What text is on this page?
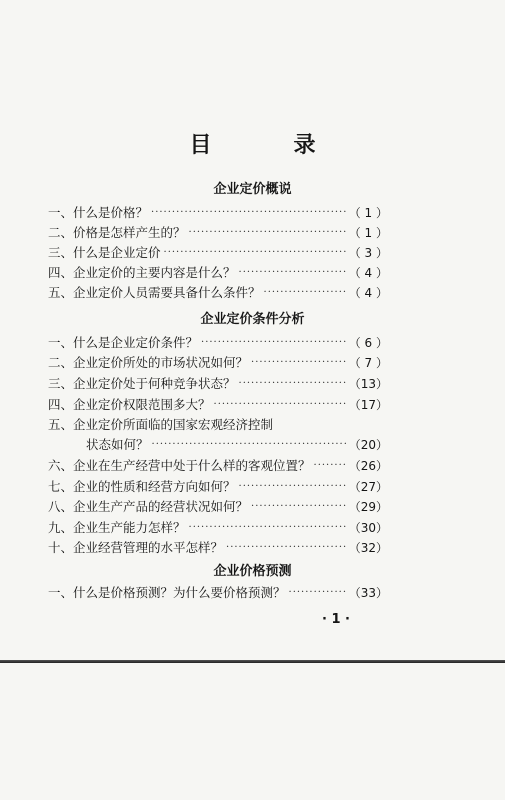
目　录
企业定价概说
一、什么是价格？ ·····	（ 1 ）
二、价格是怎样产生的？ ·····	（ 1 ）
三、什么是企业定价 ·····	（ 3 ）
四、企业定价的主要内容是什么？ ·····	（ 4 ）
五、企业定价人员需要具备什么条件？ ·····	（ 4 ）
企业定价条件分析
一、什么是企业定价条件？ ·····	（ 6 ）
二、企业定价所处的市场状况如何？ ·····	（ 7 ）
三、企业定价处于何种竞争状态？ ·····	（13）
四、企业定价权限范围多大？ ·····	（17）
五、企业定价所面临的国家宏观经济控制
状态如何？ ·····	（20）
六、企业在生产经营中处于什么样的客观位置？ ·····	（26）
七、企业的性质和经营方向如何？ ·····	（27）
八、企业生产产品的经营状况如何？ ·····	（29）
九、企业生产能力怎样？ ·····	（30）
十、企业经营管理的水平怎样？ ·····	（32）
企业价格预测
一、什么是价格预测？为什么要价格预测？ ·····	（33）
· 1 ·
